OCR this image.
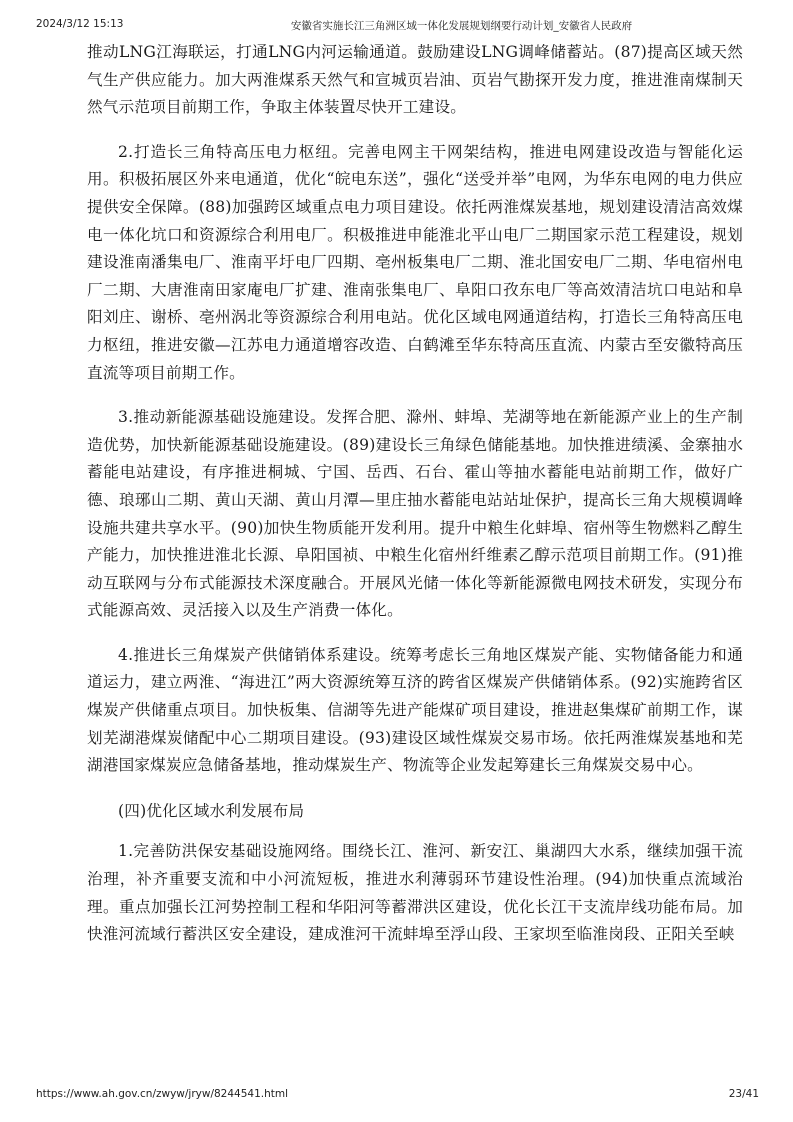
2024/3/12 15:13	安徽省实施长江三角洲区域一体化发展规划纲要行动计划_安徽省人民政府

推动LNG江海联运，打通LNG内河运输通道。鼓励建设LNG调峰储蓄站。(87)提高区域天然气生产供应能力。加大两淮煤系天然气和宣城页岩油、页岩气勘探开发力度，推进淮南煤制天然气示范项目前期工作，争取主体装置尽快开工建设。

2.打造长三角特高压电力枢纽。完善电网主干网架结构，推进电网建设改造与智能化运用。积极拓展区外来电通道，优化“皖电东送”，强化“送受并举”电网，为华东电网的电力供应提供安全保障。(88)加强跨区域重点电力项目建设。依托两淮煤炭基地，规划建设清洁高效煤电一体化坑口和资源综合利用电厂。积极推进申能淮北平山电厂二期国家示范工程建设，规划建设淮南潘集电厂、淮南平圩电厂四期、亳州板集电厂二期、淮北国安电厂二期、华电宿州电厂二期、大唐淮南田家庵电厂扩建、淮南张集电厂、阜阳口孜东电厂等高效清洁坑口电站和阜阳刘庄、谢桥、亳州涡北等资源综合利用电站。优化区域电网通道结构，打造长三角特高压电力枢纽，推进安徽—江苏电力通道增容改造、白鹤滩至华东特高压直流、内蒙古至安徽特高压直流等项目前期工作。

3.推动新能源基础设施建设。发挥合肥、滁州、蚌埠、芜湖等地在新能源产业上的生产制造优势，加快新能源基础设施建设。(89)建设长三角绿色储能基地。加快推进绩溪、金寨抽水蓄能电站建设，有序推进桐城、宁国、岳西、石台、霍山等抽水蓄能电站前期工作，做好广德、琅琊山二期、黄山天湖、黄山月潭—里庄抽水蓄能电站站址保护，提高长三角大规模调峰设施共建共享水平。(90)加快生物质能开发利用。提升中粮生化蚌埠、宿州等生物燃料乙醇生产能力，加快推进淮北长源、阜阳国祯、中粮生化宿州纤维素乙醇示范项目前期工作。(91)推动互联网与分布式能源技术深度融合。开展风光储一体化等新能源微电网技术研发，实现分布式能源高效、灵活接入以及生产消费一体化。

4.推进长三角煤炭产供储销体系建设。统筹考虑长三角地区煤炭产能、实物储备能力和通道运力，建立两淮、“海进江”两大资源统筹互济的跨省区煤炭产供储销体系。(92)实施跨省区煤炭产供储重点项目。加快板集、信湖等先进产能煤矿项目建设，推进赵集煤矿前期工作，谋划芜湖港煤炭储配中心二期项目建设。(93)建设区域性煤炭交易市场。依托两淮煤炭基地和芜湖港国家煤炭应急储备基地，推动煤炭生产、物流等企业发起筹建长三角煤炭交易中心。

(四)优化区域水利发展布局

1.完善防洪保安基础设施网络。围绕长江、淮河、新安江、巢湖四大水系，继续加强干流治理，补齐重要支流和中小河流短板，推进水利薄弱环节建设性治理。(94)加快重点流域治理。重点加强长江河势控制工程和华阳河等蓄滞洪区建设，优化长江干支流岸线功能布局。加快淮河流域行蓄洪区安全建设，建成淮河干流蚌埠至浮山段、王家坝至临淮岗段、正阳关至峡

https://www.ah.gov.cn/zwyw/jryw/8244541.html	23/41
